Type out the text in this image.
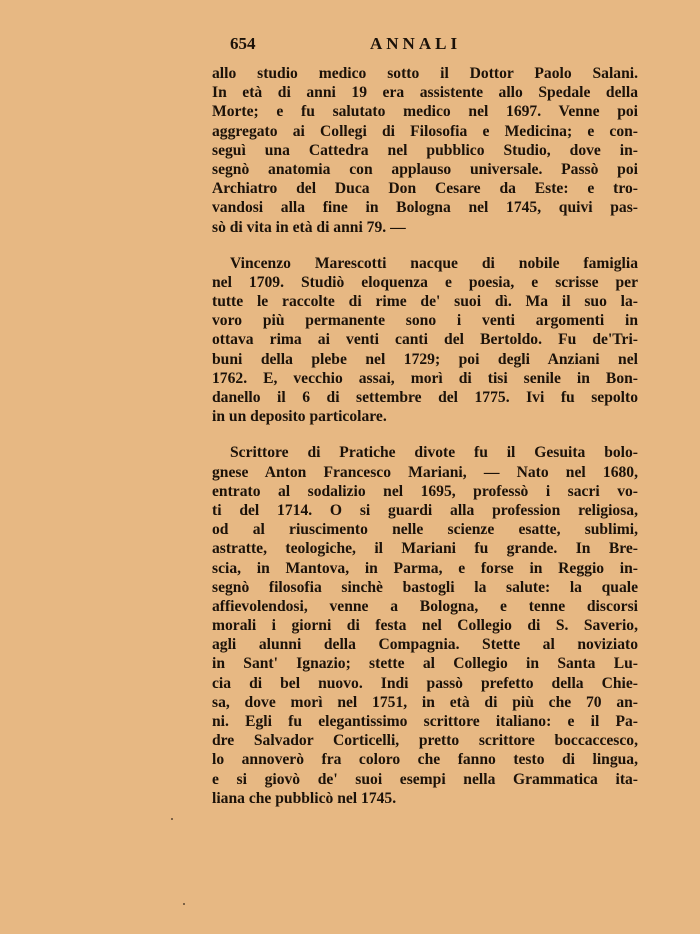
654	ANNALI
allo studio medico sotto il Dottor Paolo Salani.
In età di anni 19 era assistente allo Spedale della
Morte; e fu salutato medico nel 1697. Venne poi
aggregato ai Collegi di Filosofia e Medicina; e con-
seguì una Cattedra nel pubblico Studio, dove in-
segnò anatomia con applauso universale. Passò poi
Archiatro del Duca Don Cesare da Este: e tro-
vandosi alla fine in Bologna nel 1745, quivi pas-
sò di vita in età di anni 79. —
Vincenzo Marescotti nacque di nobile famiglia
nel 1709. Studiò eloquenza e poesia, e scrisse per
tutte le raccolte di rime de' suoi dì. Ma il suo la-
voro più permanente sono i venti argomenti in
ottava rima ai venti canti del Bertoldo. Fu de'Tri-
buni della plebe nel 1729; poi degli Anziani nel
1762. E, vecchio assai, morì di tisi senile in Bon-
danello il 6 di settembre del 1775. Ivi fu sepolto
in un deposito particolare.
Scrittore di Pratiche divote fu il Gesuita bolo-
gnese Anton Francesco Mariani, — Nato nel 1680,
entrato al sodalizio nel 1695, professò i sacri vo-
ti del 1714. O si guardi alla profession religiosa,
od al riuscimento nelle scienze esatte, sublimi,
astratte, teologiche, il Mariani fu grande. In Bre-
scia, in Mantova, in Parma, e forse in Reggio in-
segnò filosofia sinchè bastogli la salute: la quale
affievolendosi, venne a Bologna, e tenne discorsi
morali i giorni di festa nel Collegio di S. Saverio,
agli alunni della Compagnia. Stette al noviziato
in Sant' Ignazio; stette al Collegio in Santa Lu-
cia di bel nuovo. Indi passò prefetto della Chie-
sa, dove morì nel 1751, in età di più che 70 an-
ni. Egli fu elegantissimo scrittore italiano: e il Pa-
dre Salvador Corticelli, pretto scrittore boccaccesco,
lo annoverò fra coloro che fanno testo di lingua,
e si giovò de' suoi esempi nella Grammatica ita-
liana che pubblicò nel 1745.
